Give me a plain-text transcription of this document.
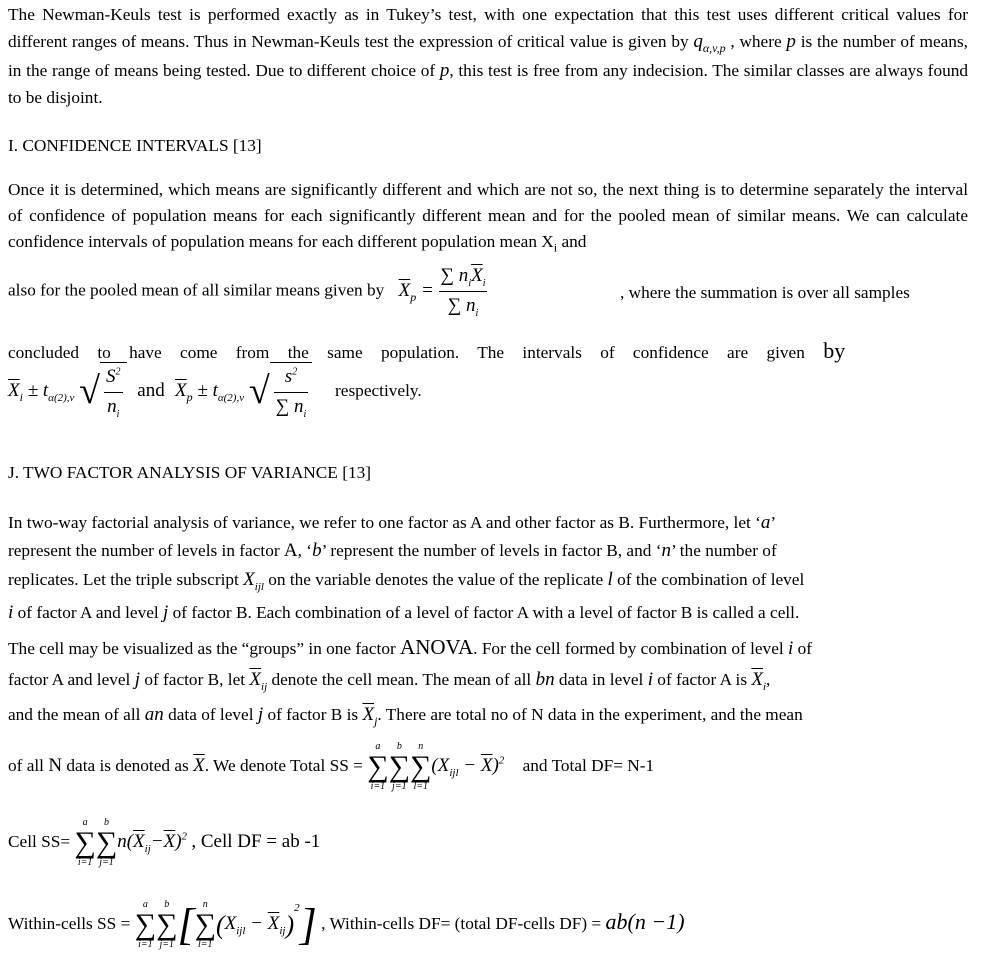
The Newman-Keuls test is performed exactly as in Tukey’s test, with one expectation that this test uses different critical values for different ranges of means. Thus in Newman-Keuls test the expression of critical value is given by $q_{\alpha,v,p}$ , where p is the number of means, in the range of means being tested. Due to different choice of p, this test is free from any indecision. The similar classes are always found to be disjoint.

I. CONFIDENCE INTERVALS [13]

Once it is determined, which means are significantly different and which are not so, the next thing is to determine separately the interval of confidence of population means for each significantly different mean and for the pooled mean of similar means. We can calculate confidence intervals of population means for each different population mean $X_i$ and

also for the pooled mean of all similar means given by $\overline{X}_p = \frac{\sum n_i\overline{X}_i}{\sum n_i}$	, where the summation is over all samples
concluded to have come from the same population. The intervals of confidence are given by
$\overline{X}_i \pm t_{\alpha(2),v}$ √ $\frac{S^2}{n_i}$ and $\overline{X}_p \pm t_{\alpha(2),v}$ √ $\frac{s^2}{\sum n_i}$ respectively.

J. TWO FACTOR ANALYSIS OF VARIANCE [13]

In two-way factorial analysis of variance, we refer to one factor as A and other factor as B. Furthermore, let ‘a’
represent the number of levels in factor A, ‘b’ represent the number of levels in factor B, and ‘n’ the number of
replicates. Let the triple subscript $X_{ijl}$ on the variable denotes the value of the replicate l of the combination of level
i of factor A and level j of factor B. Each combination of a level of factor A with a level of factor B is called a cell.
The cell may be visualized as the “groups” in one factor ANOVA. For the cell formed by combination of level i of
factor A and level j of factor B, let $\overline{X}_{ij}$ denote the cell mean. The mean of all bn data in level i of factor A is $\overline{X}_i$,
and the mean of all an data of level j of factor B is $\overline{X}_j$. There are total no of N data in the experiment, and the mean
of all N data is denoted as $\overline{X}$. We denote Total SS =
a
∑
i=1
b
∑
j=1
n
∑
l=1
$(X_{ijl} - \overline{X})^2$ and Total DF= N-1
Cell SS=
a
∑
i=1
b
∑
j=1
$n(\overline{X}_{ij}-\overline{X})^2$ , Cell DF = ab -1
Within-cells SS =
a
∑
i=1
b
∑
j=1 [ n
∑
l=1
$(X_{ijl} - \overline{X}_{ij})^2$] , Within-cells DF= (total DF-cells DF) = ab(n −1)
